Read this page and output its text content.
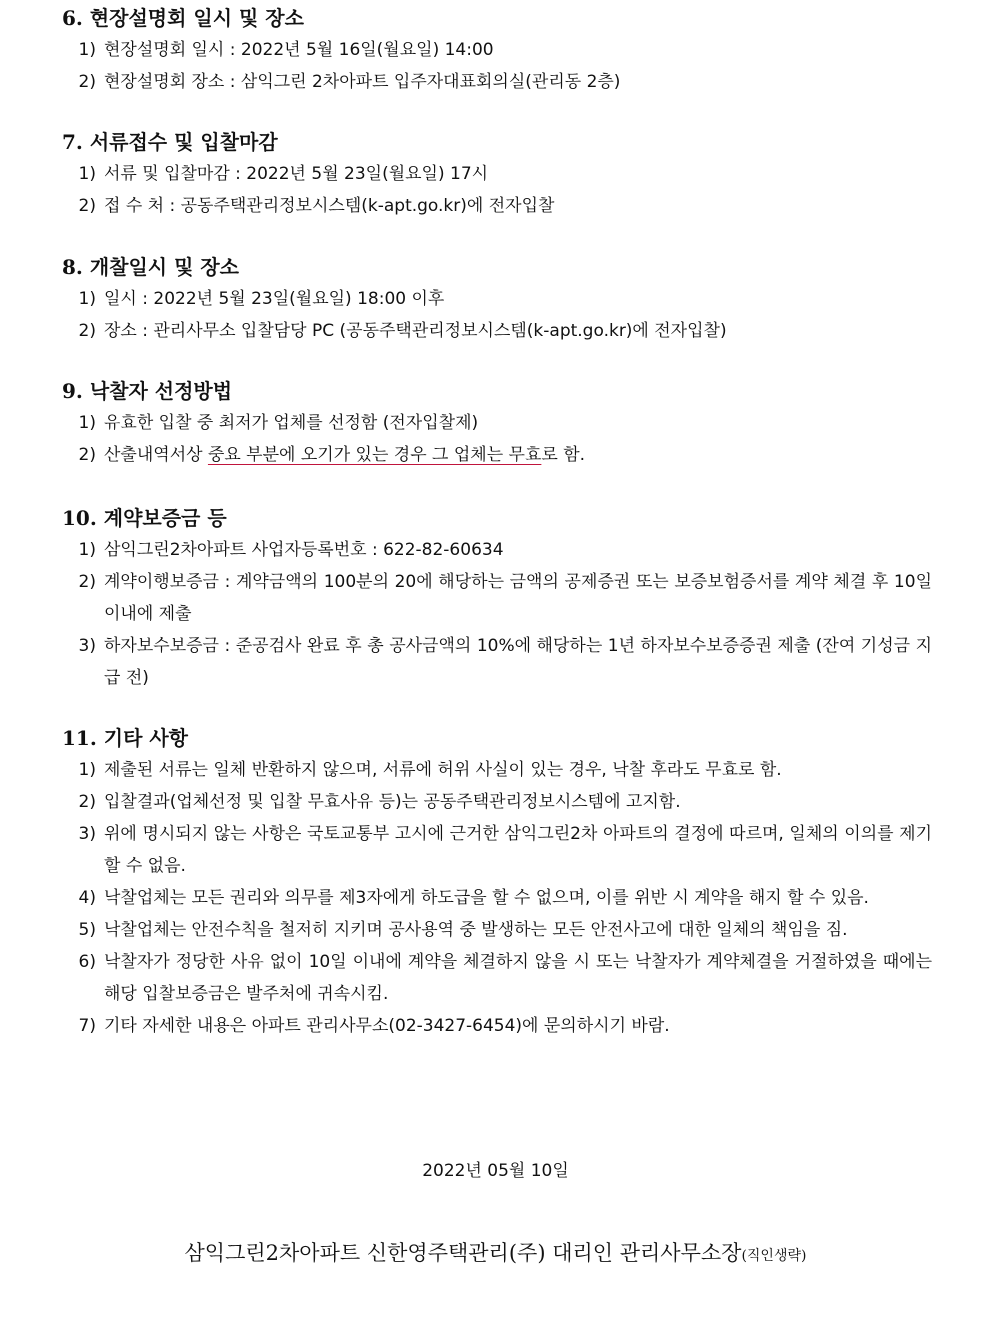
6. 현장설명회 일시 및 장소
1) 현장설명회 일시 : 2022년 5월 16일(월요일) 14:00
2) 현장설명회 장소 : 삼익그린 2차아파트 입주자대표회의실(관리동 2층)
7. 서류접수 및 입찰마감
1) 서류 및 입찰마감 : 2022년 5월 23일(월요일) 17시
2) 접 수 처 : 공동주택관리정보시스템(k-apt.go.kr)에 전자입찰
8. 개찰일시 및 장소
1) 일시 : 2022년 5월 23일(월요일) 18:00 이후
2) 장소 : 관리사무소 입찰담당 PC (공동주택관리정보시스템(k-apt.go.kr)에 전자입찰)
9. 낙찰자 선정방법
1) 유효한 입찰 중 최저가 업체를 선정함 (전자입찰제)
2) 산출내역서상 중요 부분에 오기가 있는 경우 그 업체는 무효로 함.
10. 계약보증금 등
1) 삼익그린2차아파트 사업자등록번호 : 622-82-60634
2) 계약이행보증금 : 계약금액의 100분의 20에 해당하는 금액의 공제증권 또는 보증보험증서를 계약 체결 후 10일 이내에 제출
3) 하자보수보증금 : 준공검사 완료 후 총 공사금액의 10%에 해당하는 1년 하자보수보증증권 제출 (잔여 기성금 지급 전)
11. 기타 사항
1) 제출된 서류는 일체 반환하지 않으며, 서류에 허위 사실이 있는 경우, 낙찰 후라도 무효로 함.
2) 입찰결과(업체선정 및 입찰 무효사유 등)는 공동주택관리정보시스템에 고지함.
3) 위에 명시되지 않는 사항은 국토교통부 고시에 근거한 삼익그린2차 아파트의 결정에 따르며, 일체의 이의를 제기할 수 없음.
4) 낙찰업체는 모든 권리와 의무를 제3자에게 하도급을 할 수 없으며, 이를 위반 시 계약을 해지 할 수 있음.
5) 낙찰업체는 안전수칙을 철저히 지키며 공사용역 중 발생하는 모든 안전사고에 대한 일체의 책임을 짐.
6) 낙찰자가 정당한 사유 없이 10일 이내에 계약을 체결하지 않을 시 또는 낙찰자가 계약체결을 거절하였을 때에는 해당 입찰보증금은 발주처에 귀속시킴.
7) 기타 자세한 내용은 아파트 관리사무소(02-3427-6454)에 문의하시기 바람.
2022년 05월 10일
삼익그린2차아파트 신한영주택관리(주) 대리인 관리사무소장(직인생략)
